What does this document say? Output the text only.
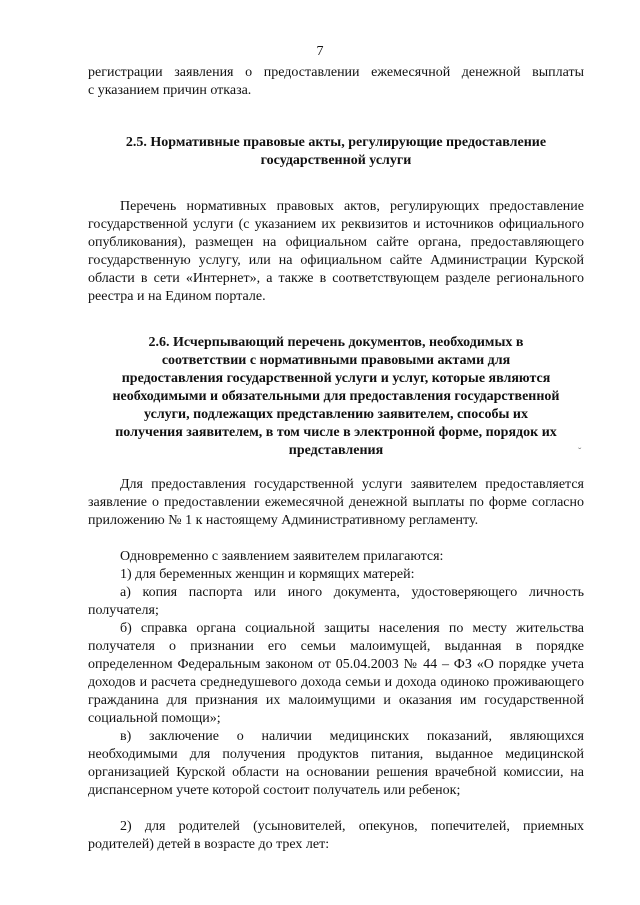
7
регистрации заявления о предоставлении ежемесячной денежной выплаты
с указанием причин отказа.
2.5. Нормативные правовые акты, регулирующие предоставление
государственной услуги
Перечень нормативных правовых актов, регулирующих предоставление государственной услуги (с указанием их реквизитов и источников официального опубликования), размещен на официальном сайте органа, предоставляющего государственную услугу, или на официальном сайте Администрации Курской области в сети «Интернет», а также в соответствующем разделе регионального реестра и на Едином портале.
2.6. Исчерпывающий перечень документов, необходимых в
соответствии с нормативными правовыми актами для
предоставления государственной услуги и услуг, которые являются
необходимыми и обязательными для предоставления государственной
услуги, подлежащих представлению заявителем, способы их
получения заявителем, в том числе в электронной форме, порядок их
представления	ˇ
Для предоставления государственной услуги заявителем предоставляется заявление о предоставлении ежемесячной денежной выплаты по форме согласно приложению № 1 к настоящему Административному регламенту.
Одновременно с заявлением заявителем прилагаются:
1) для беременных женщин и кормящих матерей:
а) копия паспорта или иного документа, удостоверяющего личность получателя;
б) справка органа социальной защиты населения по месту жительства получателя о признании его семьи малоимущей, выданная в порядке определенном Федеральным законом от 05.04.2003 № 44 – ФЗ «О порядке учета доходов и расчета среднедушевого дохода семьи и дохода одиноко проживающего гражданина для признания их малоимущими и оказания им государственной социальной помощи»;
в) заключение о наличии медицинских показаний, являющихся необходимыми для получения продуктов питания, выданное медицинской организацией Курской области на основании решения врачебной комиссии, на диспансерном учете которой состоит получатель или ребенок;
2) для родителей (усыновителей, опекунов, попечителей, приемных родителей) детей в возрасте до трех лет:
